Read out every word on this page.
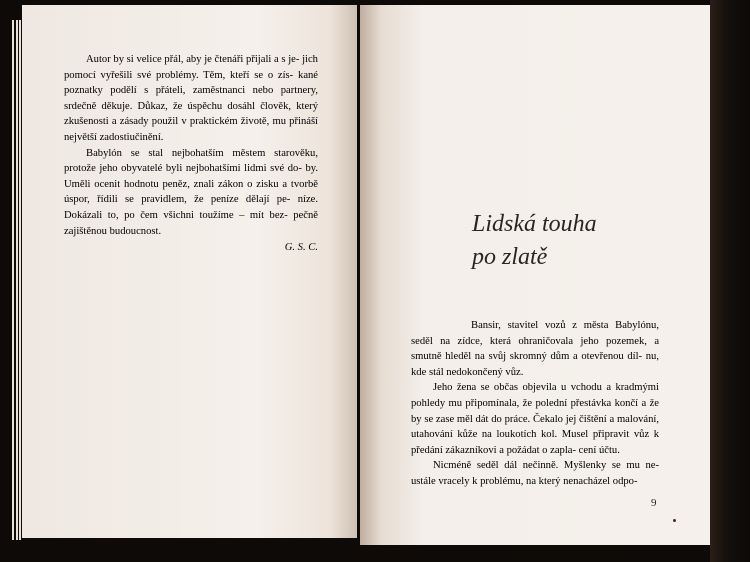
Autor by si velice přál, aby je čtenáři přijali a s je- jich pomocí vyřešili své problémy. Těm, kteří se o zís- kané poznatky podělí s přáteli, zaměstnanci nebo partnery, srdečně děkuje. Důkaz, že úspěchu dosáhl člověk, který zkušenosti a zásady použil v praktickém životě, mu přináší největší zadostiučinění.

Babylón se stal nejbohatším městem starověku, protože jeho obyvatelé byli nejbohatšími lidmi své do- by. Uměli ocenit hodnotu peněz, znali zákon o zisku a tvorbě úspor, řídili se pravidlem, že peníze dělají pe- níze. Dokázali to, po čem všichni toužíme – mít bez- pečně zajištěnou budoucnost.

G. S. C.

Lidská touha
po zlatě

Bansir, stavitel vozů z města Babylónu, seděl na zídce, která ohraničovala jeho pozemek, a smutně hleděl na svůj skromný dům a otevřenou díl- nu, kde stál nedokončený vůz.

Jeho žena se občas objevila u vchodu a kradmými pohledy mu připomínala, že polední přestávka končí a že by se zase měl dát do práce. Čekalo jej čištění a malování, utahování kůže na loukotích kol. Musel připravit vůz k předání zákazníkovi a požádat o zapla- cení účtu.

Nicméně seděl dál nečinně. Myšlenky se mu ne- ustále vracely k problému, na který nenacházel odpo-

9
